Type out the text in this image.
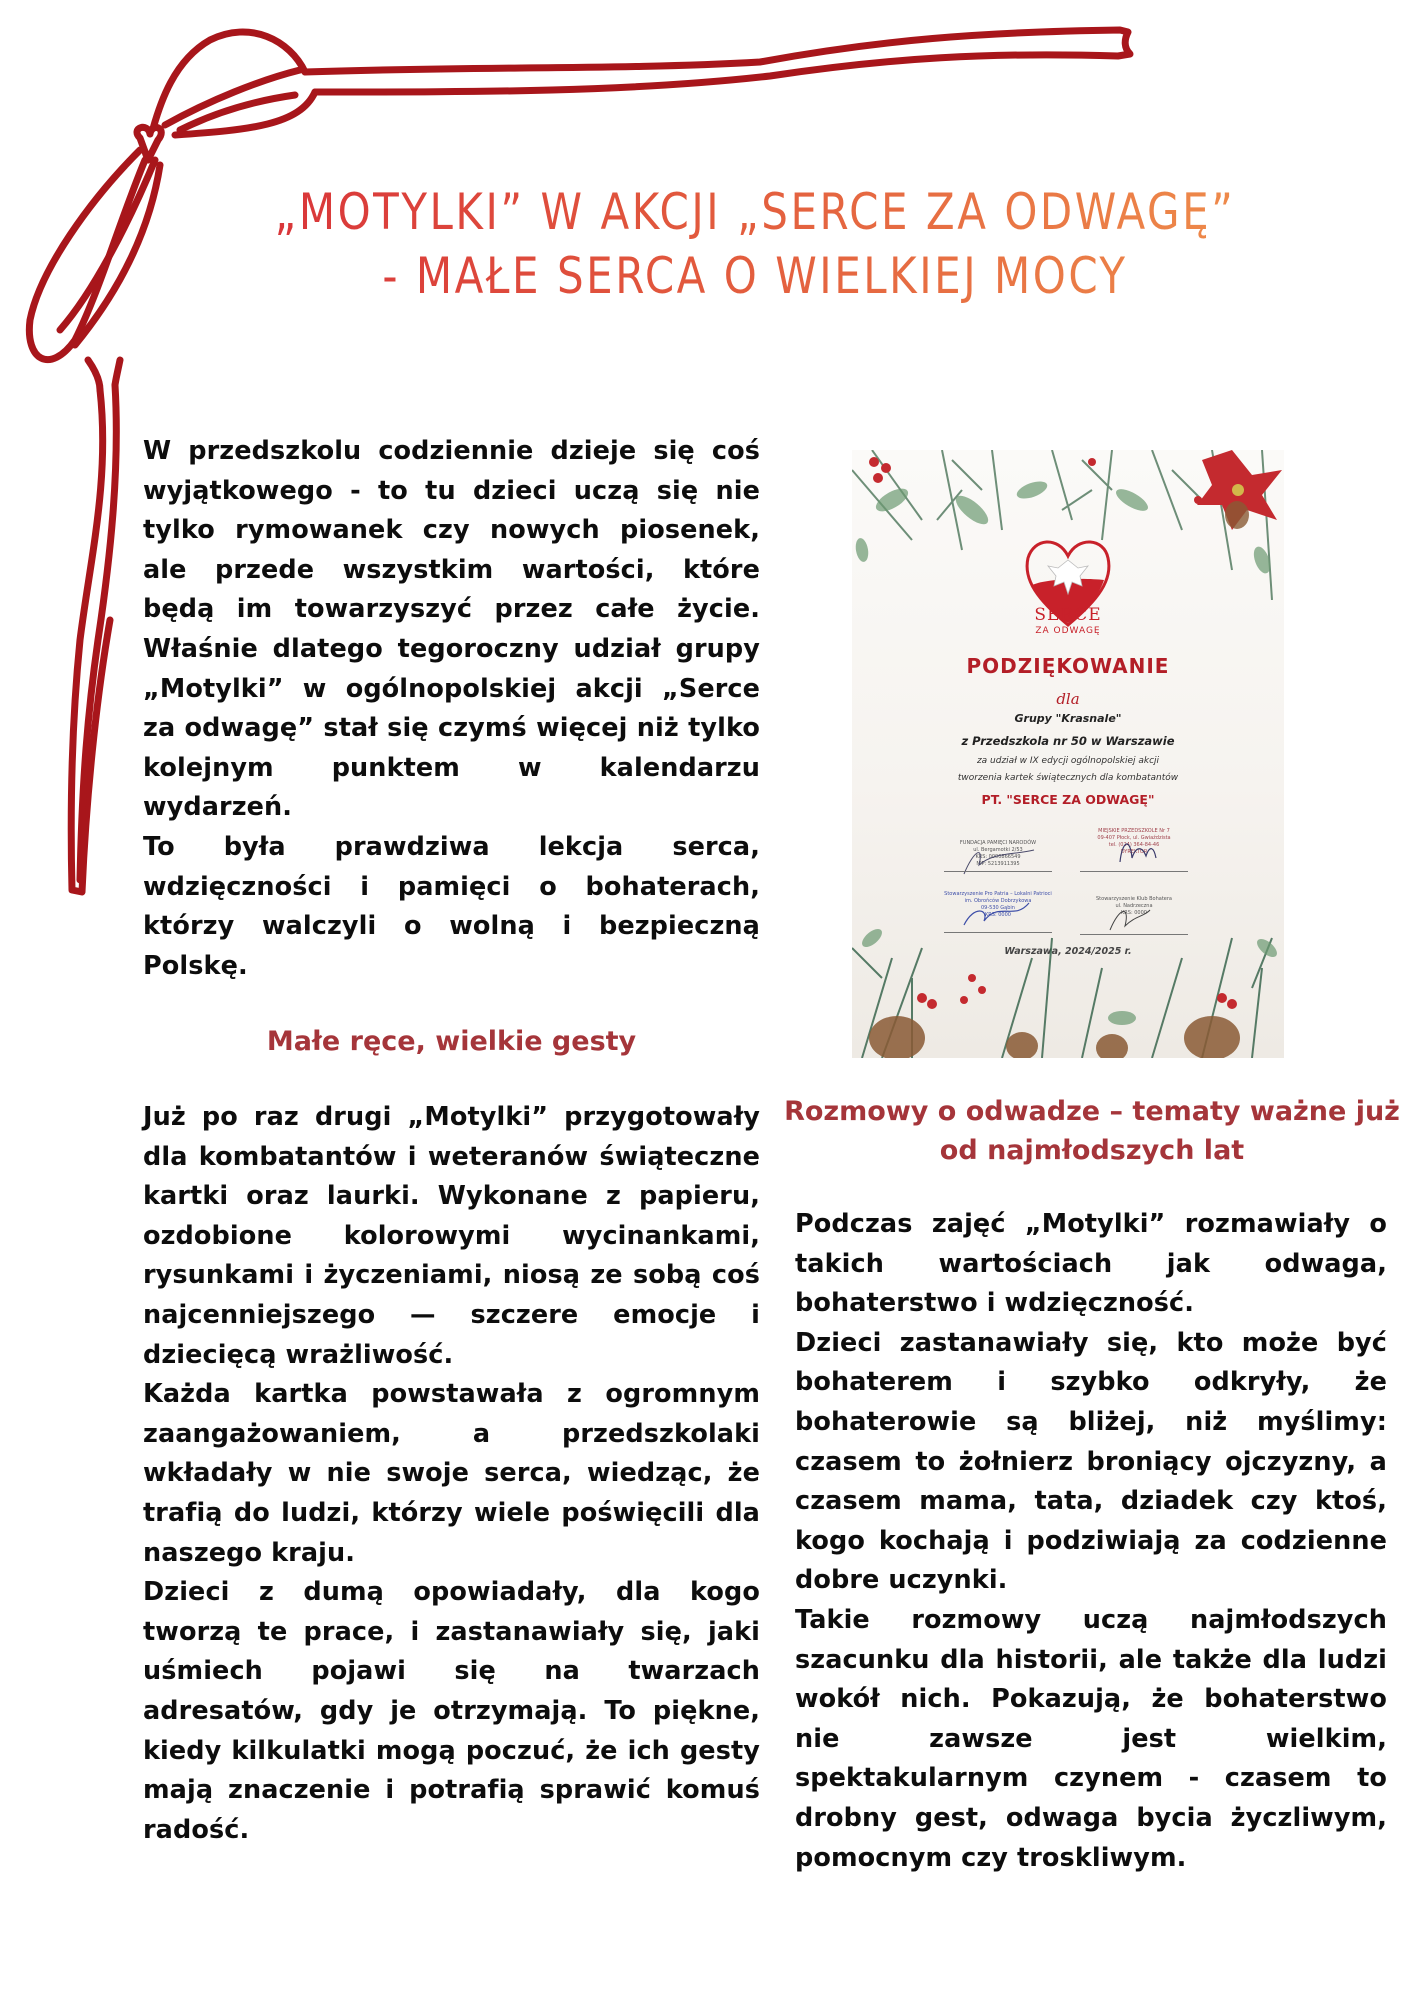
„MOTYLKI” W AKCJI „SERCE ZA ODWAGĘ”
- MAŁE SERCA O WIELKIEJ MOCY

W przedszkolu codziennie dzieje się coś wyjątkowego - to tu dzieci uczą się nie tylko rymowanek czy nowych piosenek, ale przede wszystkim wartości, które będą im towarzyszyć przez całe życie. Właśnie dlatego tegoroczny udział grupy „Motylki” w ogólnopolskiej akcji „Serce za odwagę” stał się czymś więcej niż tylko kolejnym punktem w kalendarzu wydarzeń.

To była prawdziwa lekcja serca, wdzięczności i pamięci o bohaterach, którzy walczyli o wolną i bezpieczną Polskę.

Małe ręce, wielkie gesty

Już po raz drugi „Motylki” przygotowały dla kombatantów i weteranów świąteczne kartki oraz laurki. Wykonane z papieru, ozdobione kolorowymi wycinankami, rysunkami i życzeniami, niosą ze sobą coś najcenniejszego — szczere emocje i dziecięcą wrażliwość.

Każda kartka powstawała z ogromnym zaangażowaniem, a przedszkolaki wkładały w nie swoje serca, wiedząc, że trafią do ludzi, którzy wiele poświęcili dla naszego kraju.

Dzieci z dumą opowiadały, dla kogo tworzą te prace, i zastanawiały się, jaki uśmiech pojawi się na twarzach adresatów, gdy je otrzymają. To piękne, kiedy kilkulatki mogą poczuć, że ich gesty mają znaczenie i potrafią sprawić komuś radość.

Rozmowy o odwadze – tematy ważne już od najmłodszych lat

Podczas zajęć „Motylki” rozmawiały o takich wartościach jak odwaga, bohaterstwo i wdzięczność.

Dzieci zastanawiały się, kto może być bohaterem i szybko odkryły, że bohaterowie są bliżej, niż myślimy: czasem to żołnierz broniący ojczyzny, a czasem mama, tata, dziadek czy ktoś, kogo kochają i podziwiają za codzienne dobre uczynki.

Takie rozmowy uczą najmłodszych szacunku dla historii, ale także dla ludzi wokół nich. Pokazują, że bohaterstwo nie zawsze jest wielkim, spektakularnym czynem - czasem to drobny gest, odwaga bycia życzliwym, pomocnym czy troskliwym.

SERCE
ZA ODWAGĘ
PODZIĘKOWANIE
dla
Grupy "Krasnale"
z Przedszkola nr 50 w Warszawie
za udział w IX edycji ogólnopolskiej akcji
tworzenia kartek świątecznych dla kombatantów
PT. "SERCE ZA ODWAGĘ"
FUNDACJA PAMIĘCI NARODÓW
ul. Bergamotki 2/53
KRS: 0000866549
NIP: 5213911395
MIEJSKIE PRZEDSZKOLE Nr 7
09-407 Płock, ul. Gwiaździsta
tel. (024) 364-84-46
DYREKTOR
Stowarzyszenie Pro Patria – Lokalni Patrioci
im. Obrońców Dobrzykowa
09-530 Gąbin
KRS: 0000
Stowarzyszenie Klub Bohatera
ul. Nadrzeczna
KRS: 0000
Warszawa, 2024/2025 r.
